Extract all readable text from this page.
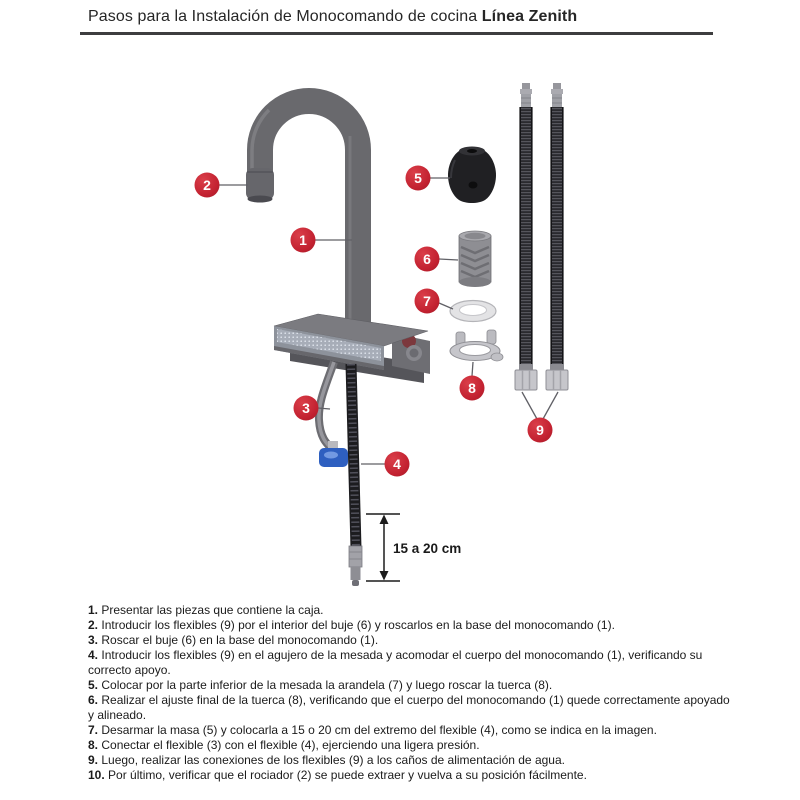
Pasos para la Instalación de Monocomando de cocina Línea Zenith
15 a 20 cm
1
2
3
4
5
6
7
8
9

1. Presentar las piezas que contiene la caja.

2. Introducir los flexibles (9) por el interior del buje (6) y roscarlos en la base del monocomando (1).

3. Roscar el buje (6) en la base del monocomando (1).

4. Introducir los flexibles (9) en el agujero de la mesada y acomodar el cuerpo del monocomando (1), verificando su correcto apoyo.

5. Colocar por la parte inferior de la mesada la arandela (7) y luego roscar la tuerca (8).

6. Realizar el ajuste final de la tuerca (8), verificando que el cuerpo del monocomando (1) quede correctamente apoyado y alineado.

7. Desarmar la masa (5) y colocarla a 15 o 20 cm del extremo del flexible (4), como se indica en la imagen.

8. Conectar el flexible (3) con el flexible (4), ejerciendo una ligera presión.

9. Luego, realizar las conexiones de los flexibles (9) a los caños de alimentación de agua.

10. Por último, verificar que el rociador (2) se puede extraer y vuelva a su posición fácilmente.
